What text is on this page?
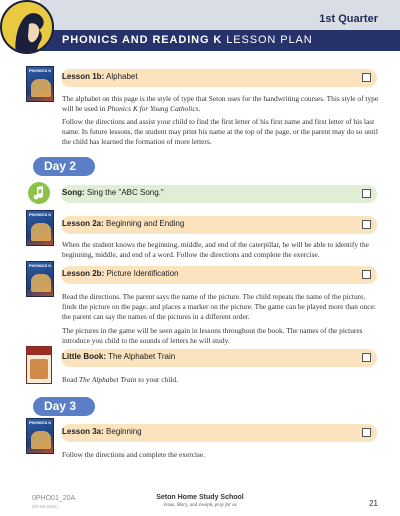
1st Quarter
PHONICS AND READING K LESSON PLAN
PHONICS K
Lesson 1b: Alphabet
The alphabet on this page is the style of type that Seton uses for the handwriting courses. This style of type will be used in Phonics K for Young Catholics.
Follow the directions and assist your child to find the first letter of his first name and first letter of his last name. In future lessons, the student may print his name at the top of the page, or the parent may do so until the child has learned the formation of more letters.
Day 2
Song: Sing the "ABC Song."
PHONICS K
Lesson 2a: Beginning and Ending
When the student knows the beginning, middle, and end of the caterpillar, he will be able to identify the beginning, middle, and end of a word. Follow the directions and complete the exercise.
PHONICS K
Lesson 2b: Picture Identification
Read the directions. The parent says the name of the picture. The child repeats the name of the picture, finds the picture on the page, and places a marker on the picture. The game can be played more than once: the parent can say the names of the pictures in a different order.
The pictures in the game will be seen again in lessons throughout the book. The names of the pictures introduce you child to the sounds of letters he will study.
Little Book: The Alphabet Train
Read The Alphabet Train to your child.
Day 3
PHONICS K
Lesson 3a: Beginning
Follow the directions and complete the exercise.
0PHO01_20A
(02-06-2021)
Seton Home Study School
Jesus, Mary, and Joseph, pray for us	21
